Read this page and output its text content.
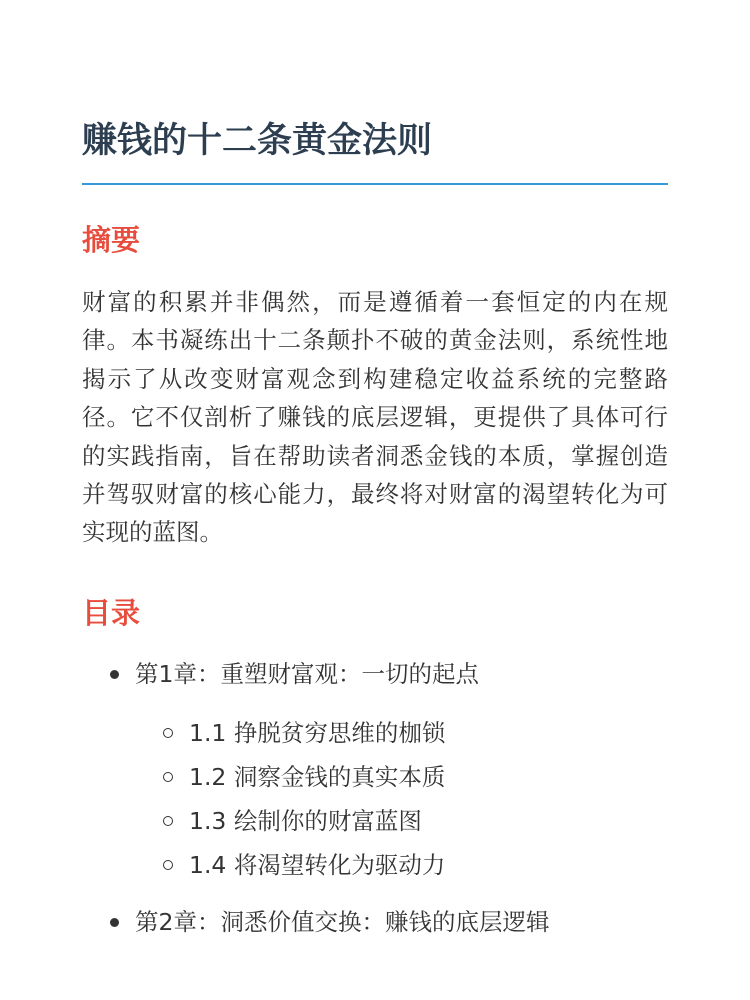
赚钱的十二条黄金法则
摘要

财富的积累并非偶然，而是遵循着一套恒定的内在规律。本书凝练出十二条颠扑不破的黄金法则，系统性地揭示了从改变财富观念到构建稳定收益系统的完整路径。它不仅剖析了赚钱的底层逻辑，更提供了具体可行的实践指南，旨在帮助读者洞悉金钱的本质，掌握创造并驾驭财富的核心能力，最终将对财富的渴望转化为可实现的蓝图。

目录
第1章：重塑财富观：一切的起点
1.1 挣脱贫穷思维的枷锁
1.2 洞察金钱的真实本质
1.3 绘制你的财富蓝图
1.4 将渴望转化为驱动力
第2章：洞悉价值交换：赚钱的底层逻辑
